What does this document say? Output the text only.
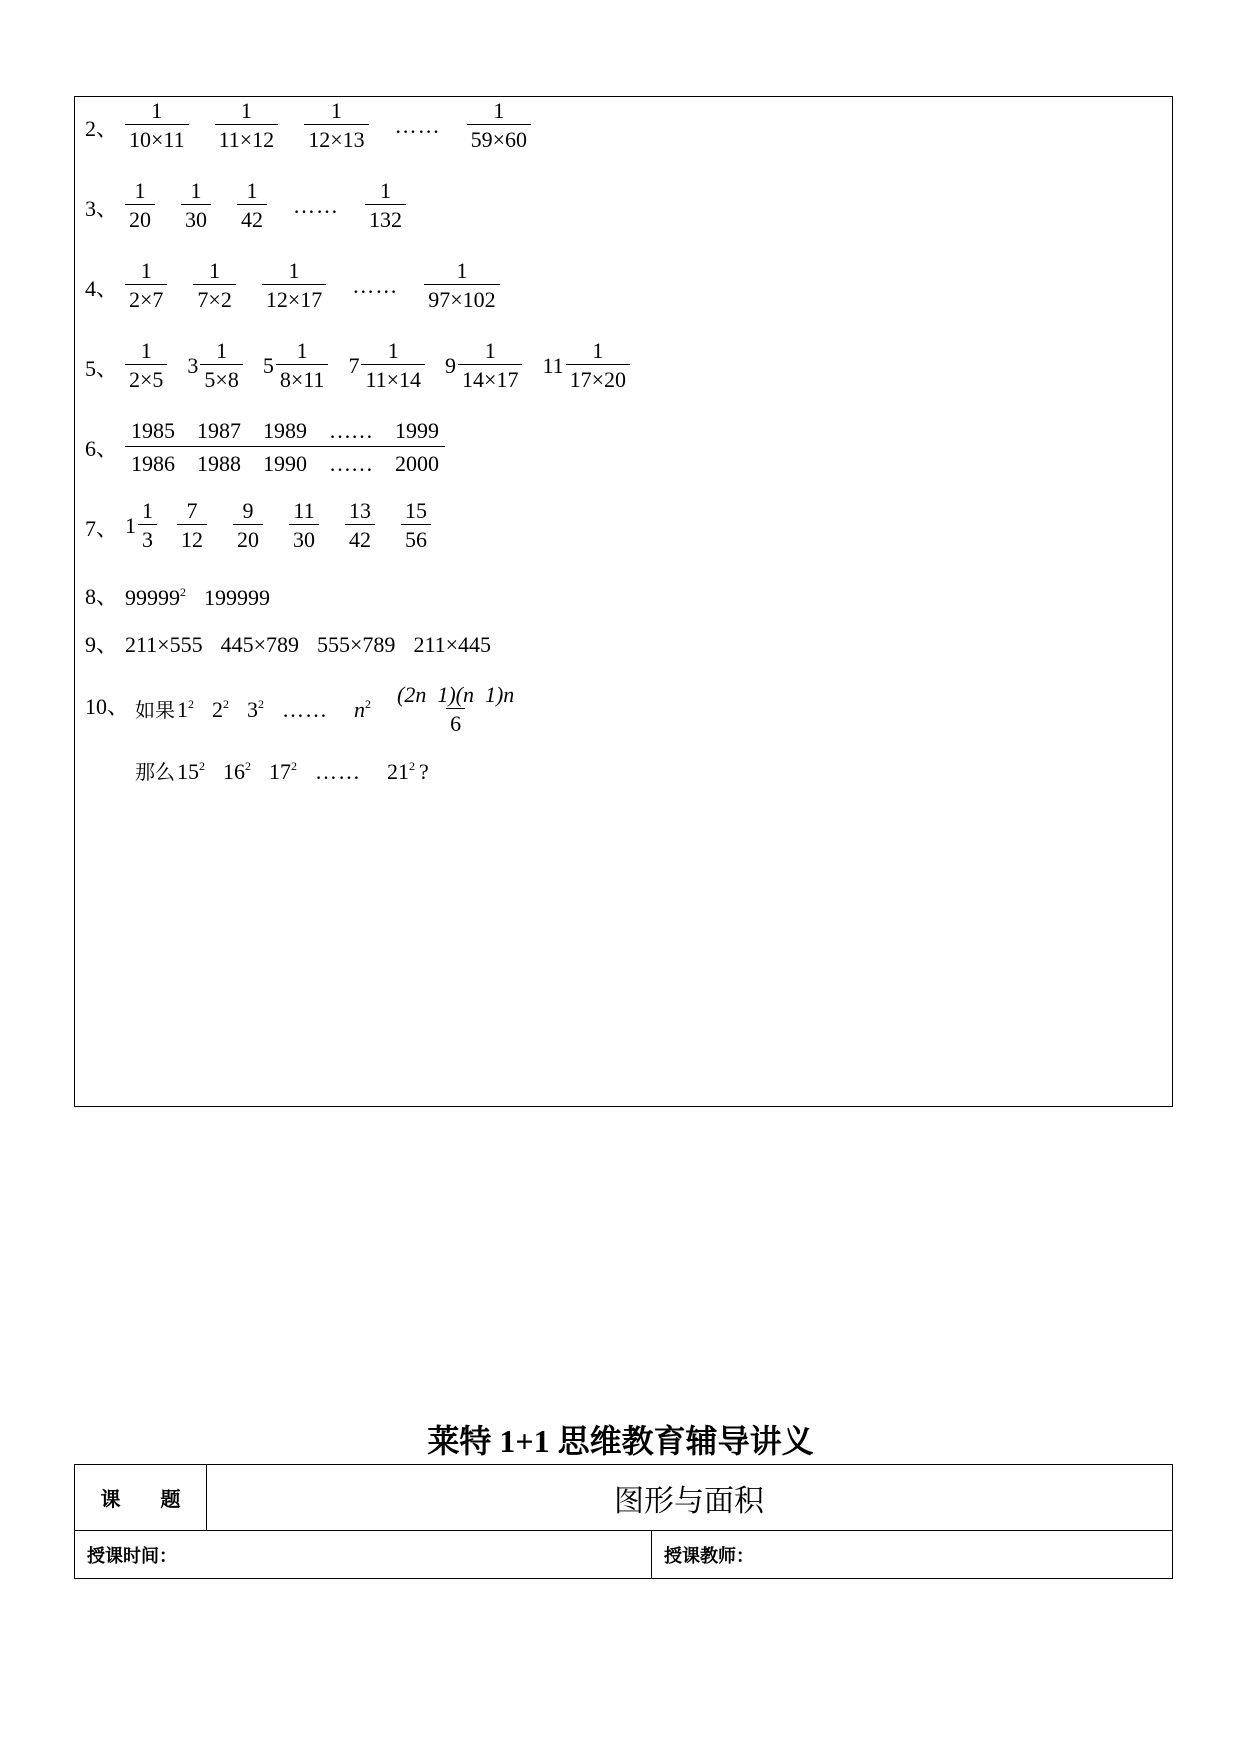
2、 $\frac{1}{10\times 11} \frac{1}{11\times 12} \frac{1}{12\times 13}$ …… $\frac{1}{59\times 60}$
3、 $\frac{1}{20} \frac{1}{30} \frac{1}{42}$ …… $\frac{1}{132}$
4、 $\frac{1}{2\times 7} \frac{1}{7\times 2} \frac{1}{12\times 17}$ …… $\frac{1}{97\times 102}$
5、 $\frac{1}{2\times 5} 3 \frac{1}{5\times 8} 5 \frac{1}{8\times 11} 7 \frac{1}{11\times 14} 9 \frac{1}{14\times 17} 11 \frac{1}{17\times 20}$
6、 $\frac{1985 1987 1989 \dots\dots 1999}{1986 1988 1990 \dots\dots 2000}$
7、 $1 \frac{1}{3} \frac{7}{12} \frac{9}{20} \frac{11}{30} \frac{13}{42} \frac{15}{56}$
8、 99999$^2$ 199999
9、 211×555 445×789 555×789 211×445
10、 如果 $1^2$ $2^2$ $3^2$ …… $n^2 \frac{(2n 1)(n 1)n}{6}$
那么 $15^2$ $16^2$ $17^2$ …… $21^2$ ?
莱特 1+1 思维教育辅导讲义
课题	图形与面积
授课时间：	授课教师：
